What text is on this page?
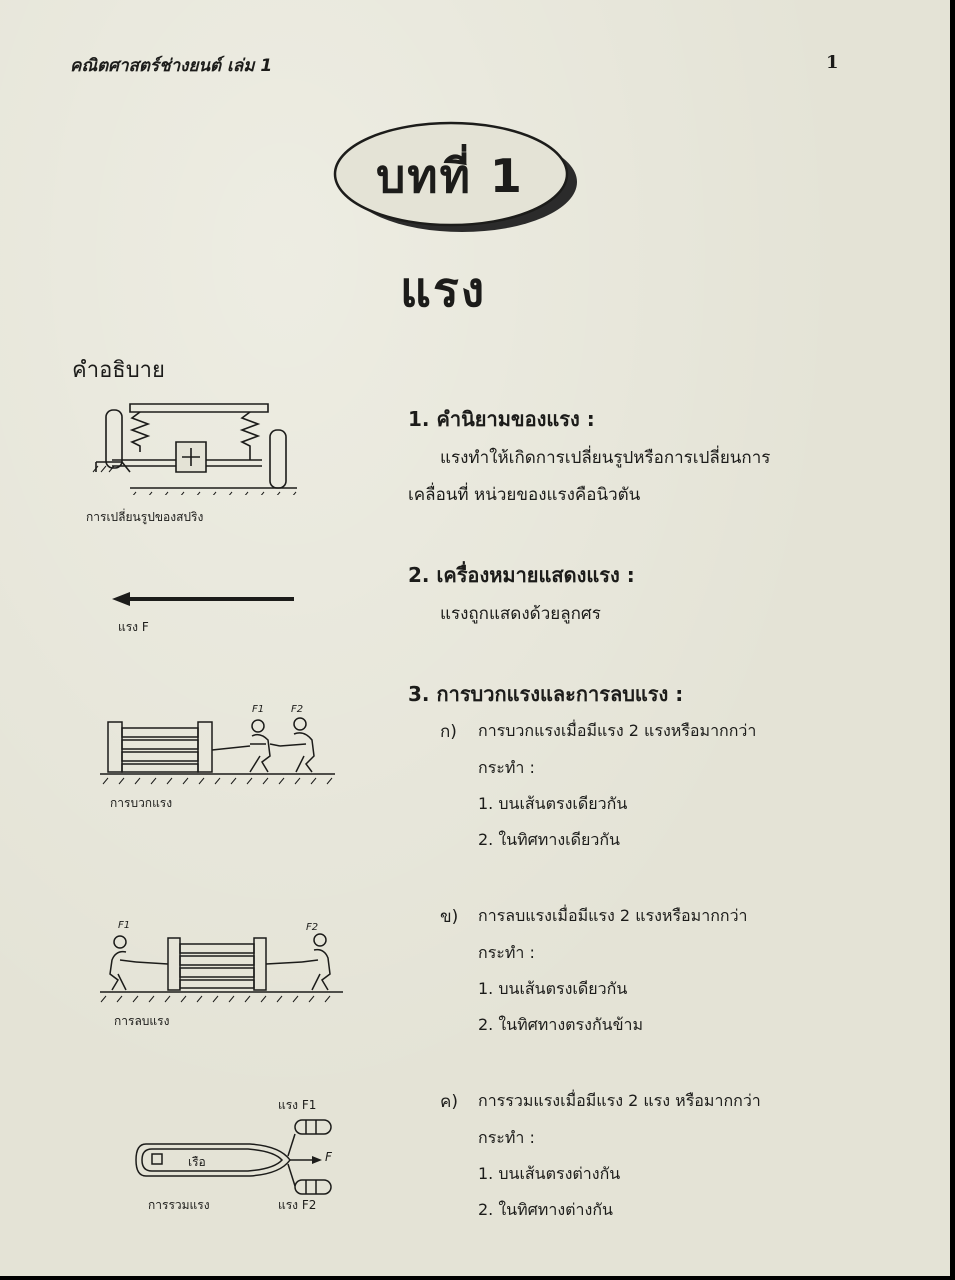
คณิตศาสตร์ช่างยนต์ เล่ม 1	1
บทที่ 1
แรง
คำอธิบาย
การเปลี่ยนรูปของสปริง
แรง F
F1	F2
การบวกแรง
F1	F2
การลบแรง
เรือ
แรง F1
แรง F2
F
การรวมแรง
1. คำนิยามของแรง :
แรงทำให้เกิดการเปลี่ยนรูปหรือการเปลี่ยนการ
เคลื่อนที่ หน่วยของแรงคือนิวตัน
2. เครื่องหมายแสดงแรง :
แรงถูกแสดงด้วยลูกศร
3. การบวกแรงและการลบแรง :
ก) การบวกแรงเมื่อมีแรง 2 แรงหรือมากกว่า
กระทำ :
1. บนเส้นตรงเดียวกัน
2. ในทิศทางเดียวกัน
ข) การลบแรงเมื่อมีแรง 2 แรงหรือมากกว่า
กระทำ :
1. บนเส้นตรงเดียวกัน
2. ในทิศทางตรงกันข้าม
ค) การรวมแรงเมื่อมีแรง 2 แรง หรือมากกว่า
กระทำ :
1. บนเส้นตรงต่างกัน
2. ในทิศทางต่างกัน
